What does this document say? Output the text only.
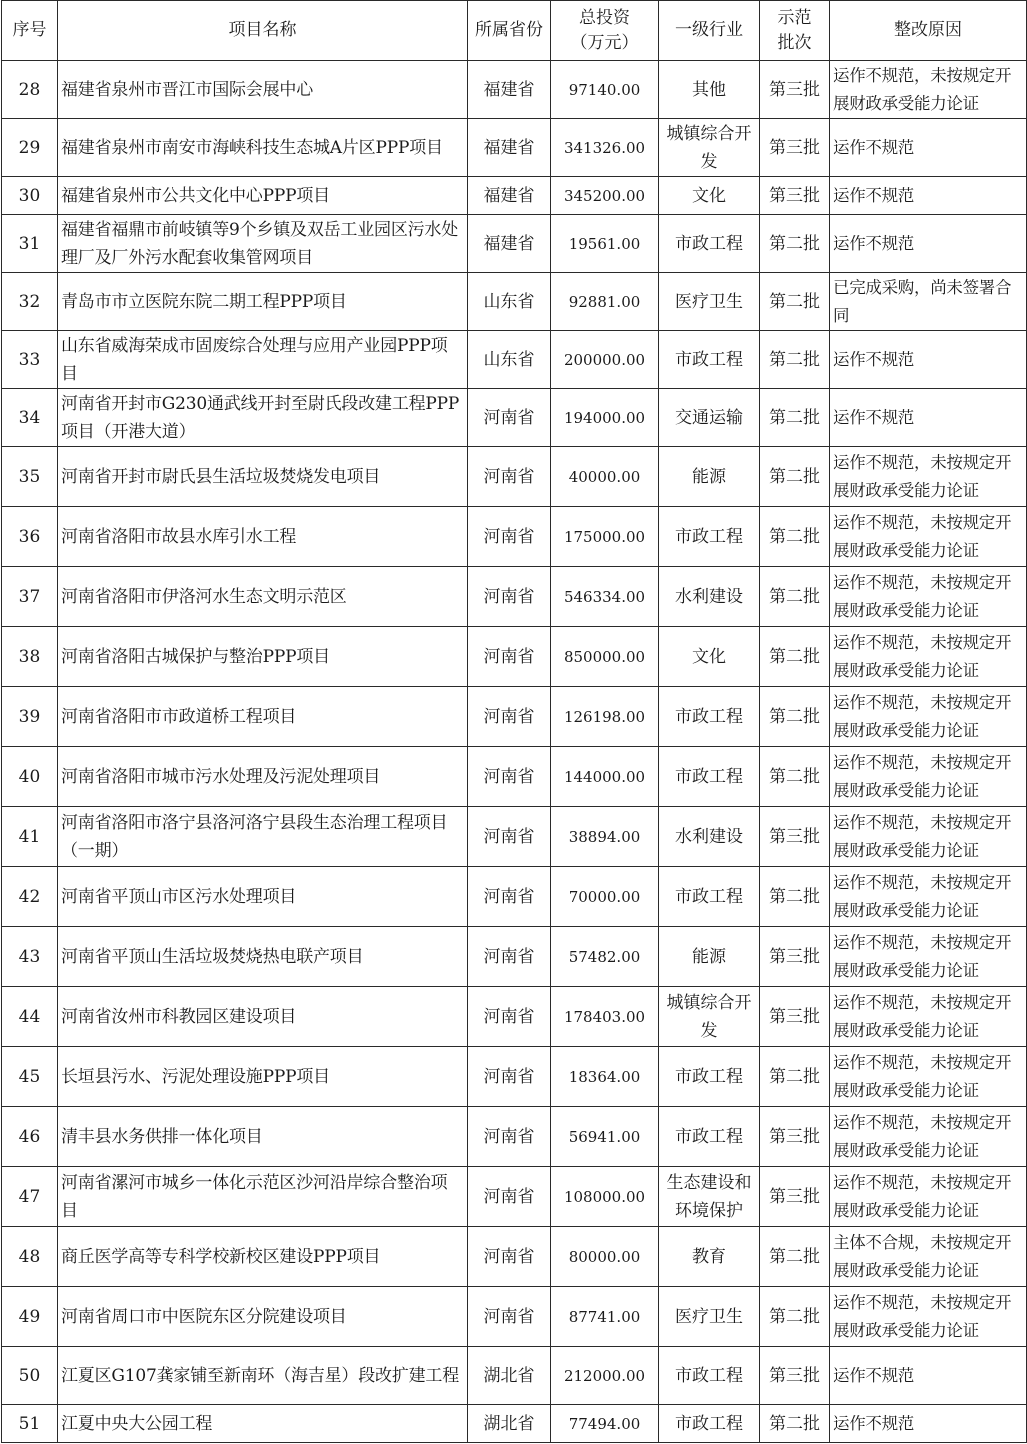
序号	项目名称	所属省份	总投资（万元）	一级行业	示范批次	整改原因
28	福建省泉州市晋江市国际会展中心	福建省	97140.00	其他	第三批	运作不规范，未按规定开展财政承受能力论证
29	福建省泉州市南安市海峡科技生态城A片区PPP项目	福建省	341326.00	城镇综合开发	第三批	运作不规范
30	福建省泉州市公共文化中心PPP项目	福建省	345200.00	文化	第三批	运作不规范
31	福建省福鼎市前岐镇等9个乡镇及双岳工业园区污水处理厂及厂外污水配套收集管网项目	福建省	19561.00	市政工程	第二批	运作不规范
32	青岛市市立医院东院二期工程PPP项目	山东省	92881.00	医疗卫生	第二批	已完成采购，尚未签署合同
33	山东省威海荣成市固废综合处理与应用产业园PPP项目	山东省	200000.00	市政工程	第二批	运作不规范
34	河南省开封市G230通武线开封至尉氏段改建工程PPP项目（开港大道）	河南省	194000.00	交通运输	第二批	运作不规范
35	河南省开封市尉氏县生活垃圾焚烧发电项目	河南省	40000.00	能源	第二批	运作不规范，未按规定开展财政承受能力论证
36	河南省洛阳市故县水库引水工程	河南省	175000.00	市政工程	第二批	运作不规范，未按规定开展财政承受能力论证
37	河南省洛阳市伊洛河水生态文明示范区	河南省	546334.00	水利建设	第二批	运作不规范，未按规定开展财政承受能力论证
38	河南省洛阳古城保护与整治PPP项目	河南省	850000.00	文化	第二批	运作不规范，未按规定开展财政承受能力论证
39	河南省洛阳市市政道桥工程项目	河南省	126198.00	市政工程	第二批	运作不规范，未按规定开展财政承受能力论证
40	河南省洛阳市城市污水处理及污泥处理项目	河南省	144000.00	市政工程	第二批	运作不规范，未按规定开展财政承受能力论证
41	河南省洛阳市洛宁县洛河洛宁县段生态治理工程项目（一期）	河南省	38894.00	水利建设	第三批	运作不规范，未按规定开展财政承受能力论证
42	河南省平顶山市区污水处理项目	河南省	70000.00	市政工程	第二批	运作不规范，未按规定开展财政承受能力论证
43	河南省平顶山生活垃圾焚烧热电联产项目	河南省	57482.00	能源	第三批	运作不规范，未按规定开展财政承受能力论证
44	河南省汝州市科教园区建设项目	河南省	178403.00	城镇综合开发	第三批	运作不规范，未按规定开展财政承受能力论证
45	长垣县污水、污泥处理设施PPP项目	河南省	18364.00	市政工程	第二批	运作不规范，未按规定开展财政承受能力论证
46	清丰县水务供排一体化项目	河南省	56941.00	市政工程	第三批	运作不规范，未按规定开展财政承受能力论证
47	河南省漯河市城乡一体化示范区沙河沿岸综合整治项目	河南省	108000.00	生态建设和环境保护	第三批	运作不规范，未按规定开展财政承受能力论证
48	商丘医学高等专科学校新校区建设PPP项目	河南省	80000.00	教育	第二批	主体不合规，未按规定开展财政承受能力论证
49	河南省周口市中医院东区分院建设项目	河南省	87741.00	医疗卫生	第二批	运作不规范，未按规定开展财政承受能力论证
50	江夏区G107龚家铺至新南环（海吉星）段改扩建工程	湖北省	212000.00	市政工程	第三批	运作不规范
51	江夏中央大公园工程	湖北省	77494.00	市政工程	第二批	运作不规范
